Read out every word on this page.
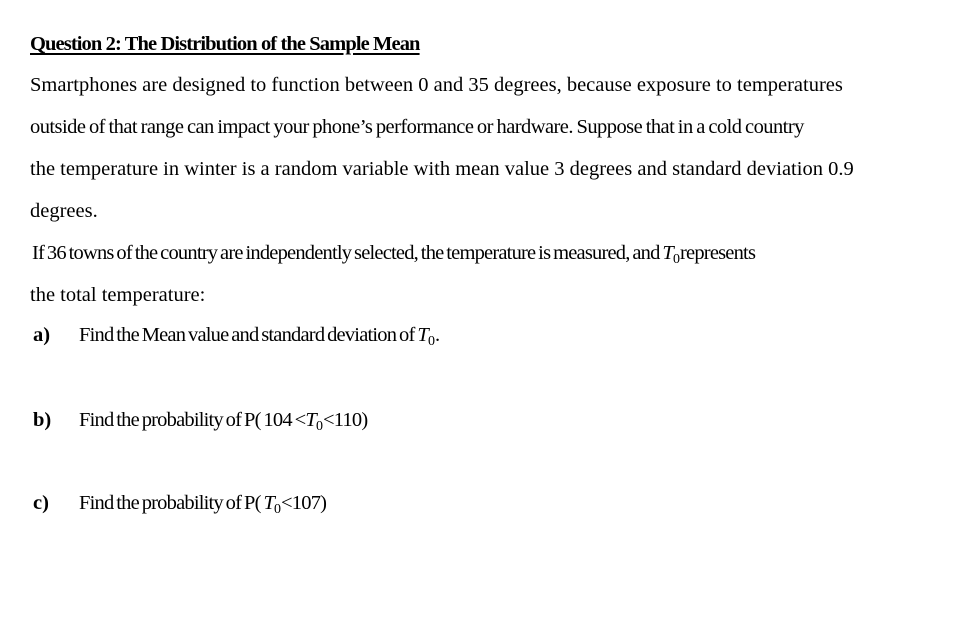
Question 2: The Distribution of the Sample Mean
Smartphones are designed to function between 0 and 35 degrees, because exposure to temperatures
outside of that range can impact your phone’s performance or hardware. Suppose that in a cold country
the temperature in winter is a random variable with mean value 3 degrees and standard deviation 0.9
degrees.
If 36 towns of the country are independently selected, the temperature is measured, and $T_0represents$
the total temperature:
a) Find the Mean value and standard deviation of $T_0$.
b) Find the probability of P( $104 <T_0<110$)
c) Find the probability of P( $T_0<107$)
